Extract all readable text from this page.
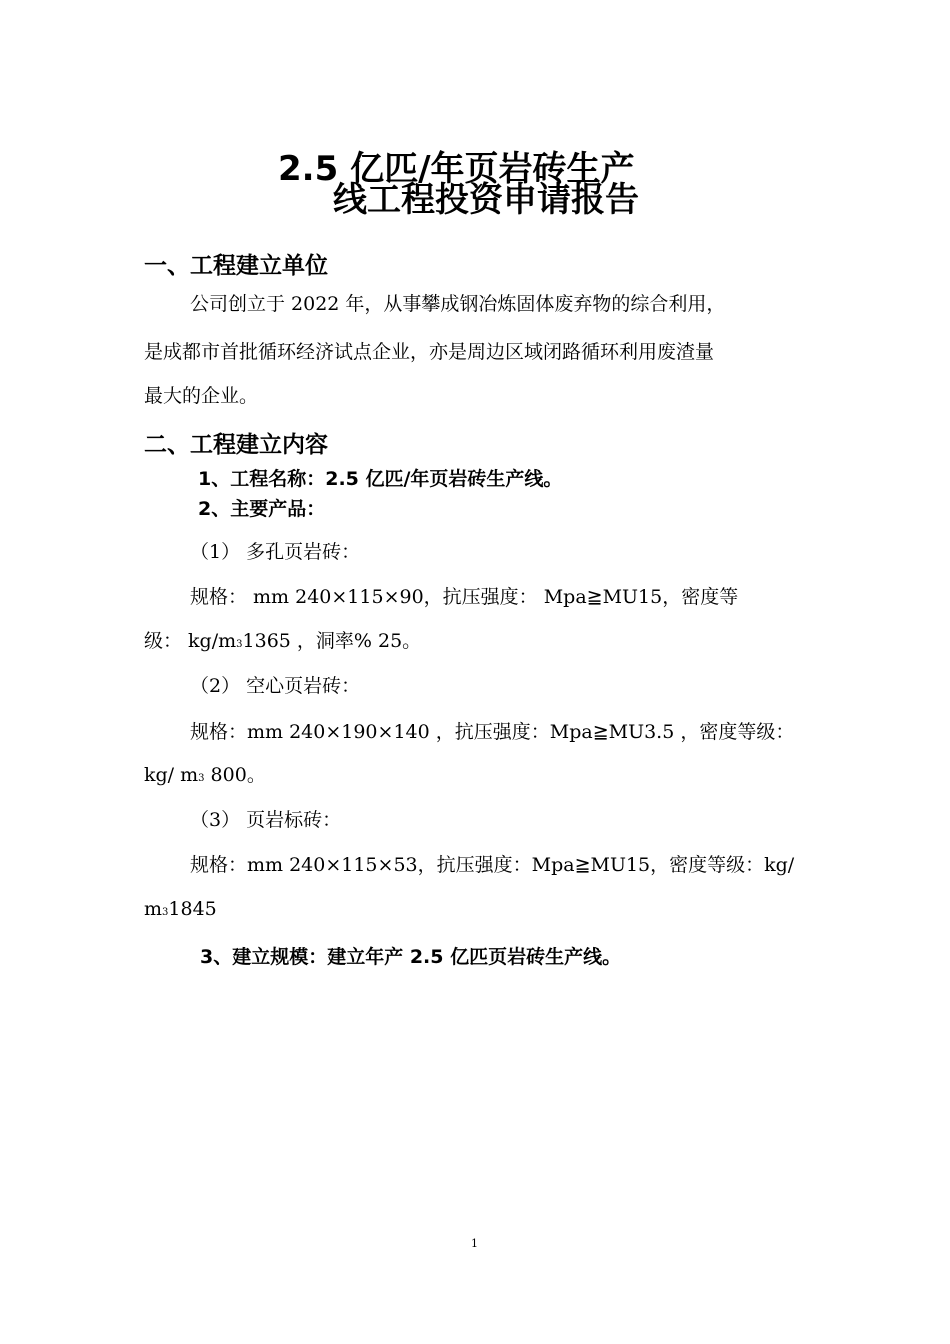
2.5 亿匹/年页岩砖生产
线工程投资申请报告
一、工程建立单位
公司创立于 2022 年，从事攀成钢冶炼固体废弃物的综合利用，
是成都市首批循环经济试点企业，亦是周边区域闭路循环利用废渣量
最大的企业。
二、工程建立内容
1、工程名称：2.5 亿匹/年页岩砖生产线。
2、主要产品：
（1） 多孔页岩砖：
规格： mm 240×115×90，抗压强度： Mpa≧MU15，密度等
级： kg/m31365 ，洞率% 25。
（2） 空心页岩砖：
规格：mm 240×190×140 ，抗压强度：Mpa≧MU3.5 ，密度等级：
kg/ m3 800。
（3） 页岩标砖：
规格：mm 240×115×53，抗压强度：Mpa≧MU15，密度等级：kg/
m31845
3、建立规模：建立年产 2.5 亿匹页岩砖生产线。
1
